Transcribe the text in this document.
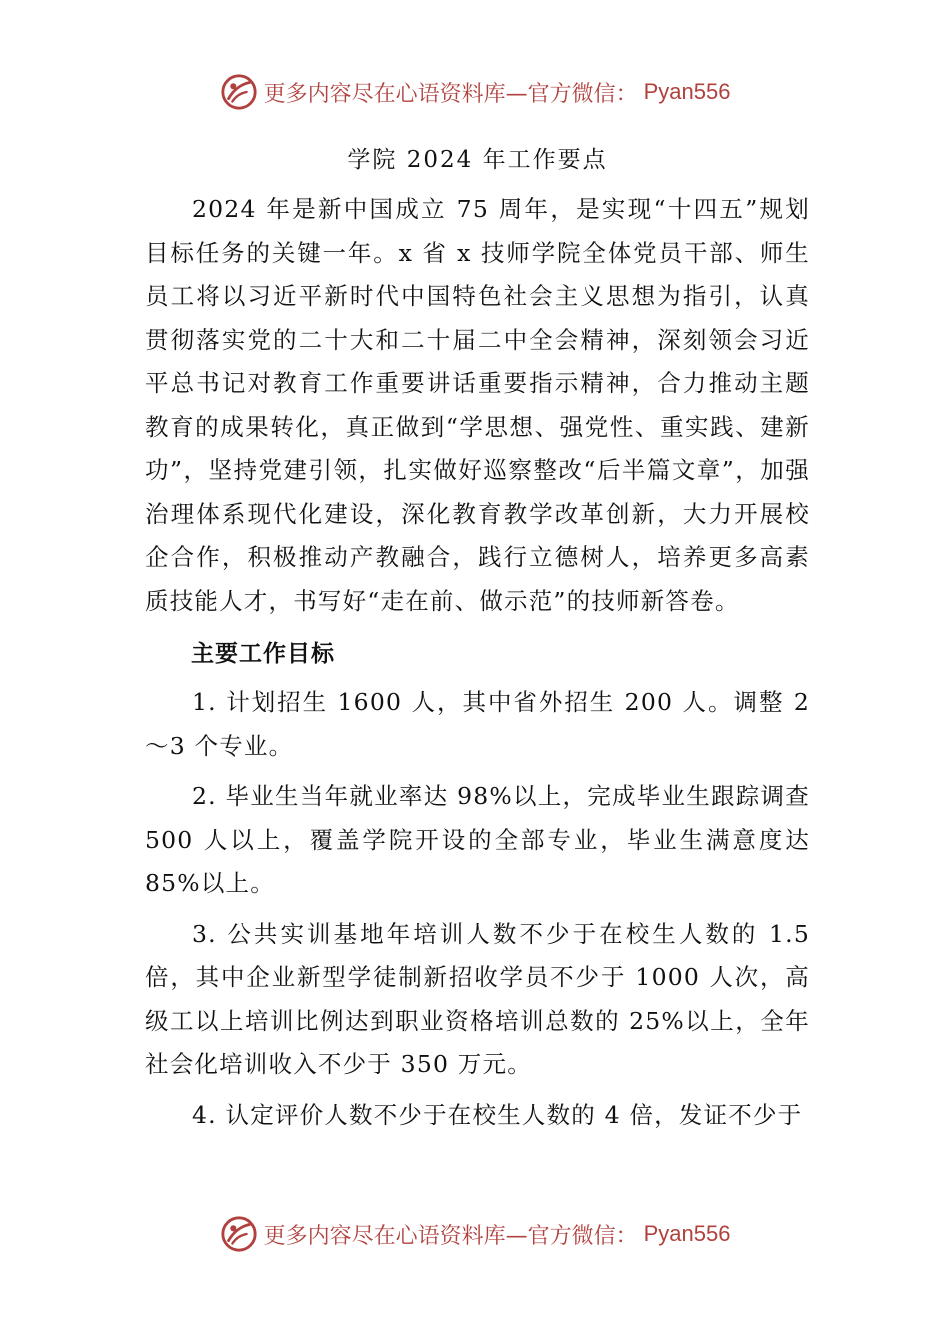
更多内容尽在心语资料库—官方微信： Pyan556
学院 2024 年工作要点

2024 年是新中国成立 75 周年，是实现“十四五”规划目标任务的关键一年。x 省 x 技师学院全体党员干部、师生员工将以习近平新时代中国特色社会主义思想为指引，认真贯彻落实党的二十大和二十届二中全会精神，深刻领会习近平总书记对教育工作重要讲话重要指示精神，合力推动主题教育的成果转化，真正做到“学思想、强党性、重实践、建新功”，坚持党建引领，扎实做好巡察整改“后半篇文章”，加强治理体系现代化建设，深化教育教学改革创新，大力开展校企合作，积极推动产教融合，践行立德树人，培养更多高素质技能人才，书写好“走在前、做示范”的技师新答卷。

主要工作目标

1. 计划招生 1600 人，其中省外招生 200 人。调整 2～3 个专业。

2. 毕业生当年就业率达 98%以上，完成毕业生跟踪调查 500 人以上，覆盖学院开设的全部专业，毕业生满意度达 85%以上。

3. 公共实训基地年培训人数不少于在校生人数的 1.5 倍，其中企业新型学徒制新招收学员不少于 1000 人次，高级工以上培训比例达到职业资格培训总数的 25%以上，全年社会化培训收入不少于 350 万元。

4. 认定评价人数不少于在校生人数的 4 倍，发证不少于

更多内容尽在心语资料库—官方微信： Pyan556
